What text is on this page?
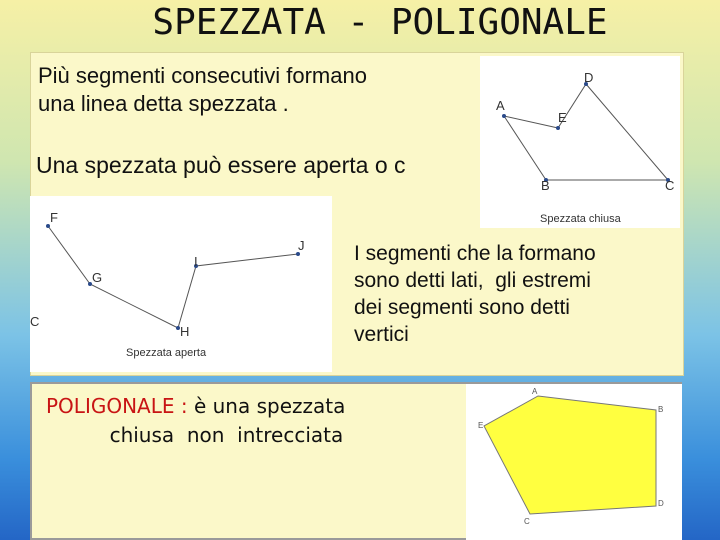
SPEZZATA - POLIGONALE
Più segmenti consecutivi formano
una linea detta spezzata .
Una spezzata può essere aperta o c
I segmenti che la formano
sono detti lati,  gli estremi
dei segmenti sono detti
vertici
POLIGONALE : è una spezzata
chiusa  non  intrecciata
A
E
D
C
B
Spezzata chiusa
F
G
H
I
J
C
Spezzata aperta
A
B
D
C
E
